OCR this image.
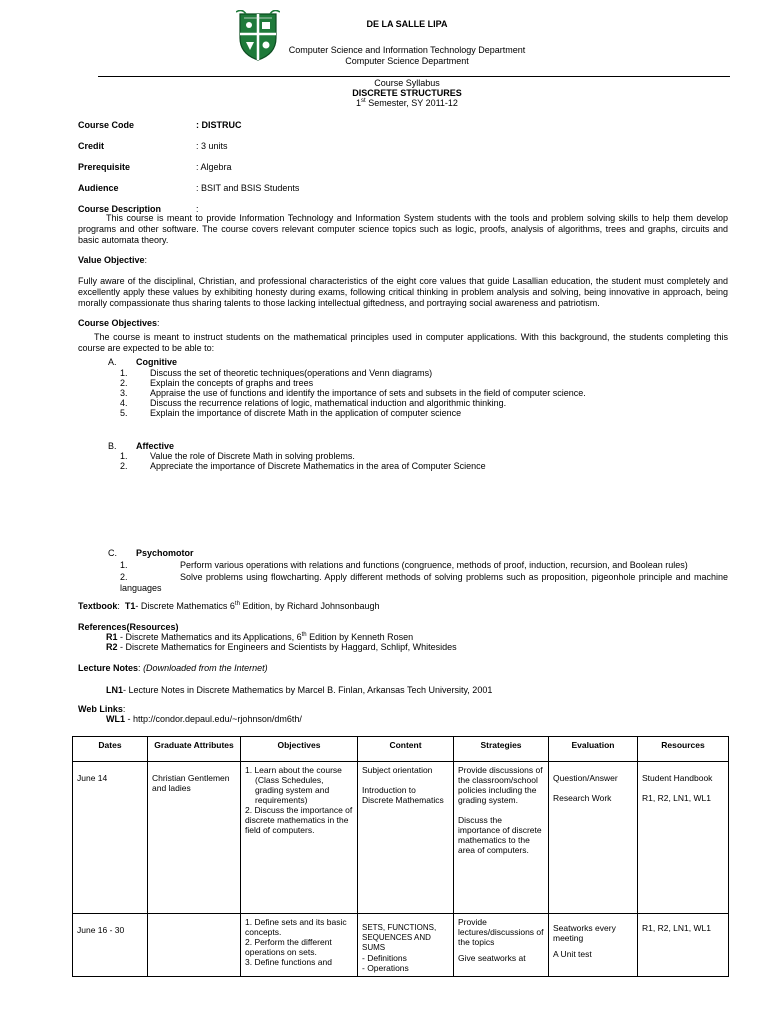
DE LA SALLE LIPA
Computer Science and Information Technology Department
Computer Science Department
Course Syllabus
DISCRETE STRUCTURES
1st Semester, SY 2011-12
Course Code	: DISTRUC
Credit	: 3 units
Prerequisite	: Algebra
Audience	: BSIT and BSIS Students
Course Description	:
This course is meant to provide Information Technology and Information System students with the tools and problem solving skills to help them develop programs and other software. The course covers relevant computer science topics such as logic, proofs, analysis of algorithms, trees and graphs, circuits and basic automata theory.
Value Objective:
Fully aware of the disciplinal, Christian, and professional characteristics of the eight core values that guide Lasallian education, the student must completely and excellently apply these values by exhibiting honesty during exams, following critical thinking in problem analysis and solving, being innovative in approach, being morally compassionate thus sharing talents to those lacking intellectual giftedness, and portraying social awareness and patriotism.
Course Objectives:
The course is meant to instruct students on the mathematical principles used in computer applications. With this background, the students completing this course are expected to be able to:
A. Cognitive
1. Discuss the set of theoretic techniques(operations and Venn diagrams)
2. Explain the concepts of graphs and trees
3. Appraise the use of functions and identify the importance of sets and subsets in the field of computer science.
4. Discuss the recurrence relations of logic, mathematical induction and algorithmic thinking.
5. Explain the importance of discrete Math in the application of computer science
B. Affective
1. Value the role of Discrete Math in solving problems.
2. Appreciate the importance of Discrete Mathematics in the area of Computer Science
C. Psychomotor
1.	Perform various operations with relations and functions (congruence, methods of proof, induction, recursion, and Boolean rules)
2.	Solve problems using flowcharting. Apply different methods of solving problems such as proposition, pigeonhole principle and machine languages
Textbook: T1- Discrete Mathematics 6th Edition, by Richard Johnsonbaugh
References(Resources)
R1 - Discrete Mathematics and its Applications, 6th Edition by Kenneth Rosen
R2 - Discrete Mathematics for Engineers and Scientists by Haggard, Schlipf, Whitesides
Lecture Notes: (Downloaded from the Internet)
LN1- Lecture Notes in Discrete Mathematics by Marcel B. Finlan, Arkansas Tech University, 2001
Web Links:
WL1 - http://condor.depaul.edu/~rjohnson/dm6th/
Dates	Graduate Attributes	Objectives	Content	Strategies	Evaluation	Resources

June 14	Christian Gentlemen and ladies	1. Learn about the course
(Class Schedules, grading system and requirements)
2. Discuss the importance of discrete mathematics in the field of computers.	Subject orientation
Introduction to Discrete Mathematics	Provide discussions of the classroom/school policies including the grading system.
Discuss the importance of discrete mathematics to the area of computers.	Question/Answer
Research Work	Student Handbook
R1, R2, LN1, WL1

June 16 - 30		1. Define sets and its basic concepts.
2. Perform the different operations on sets.
3. Define functions and	SETS, FUNCTIONS, SEQUENCES AND SUMS
- Definitions
- Operations	Provide lectures/discussions of the topics
Give seatworks at	Seatworks every meeting
A Unit test	R1, R2, LN1, WL1
